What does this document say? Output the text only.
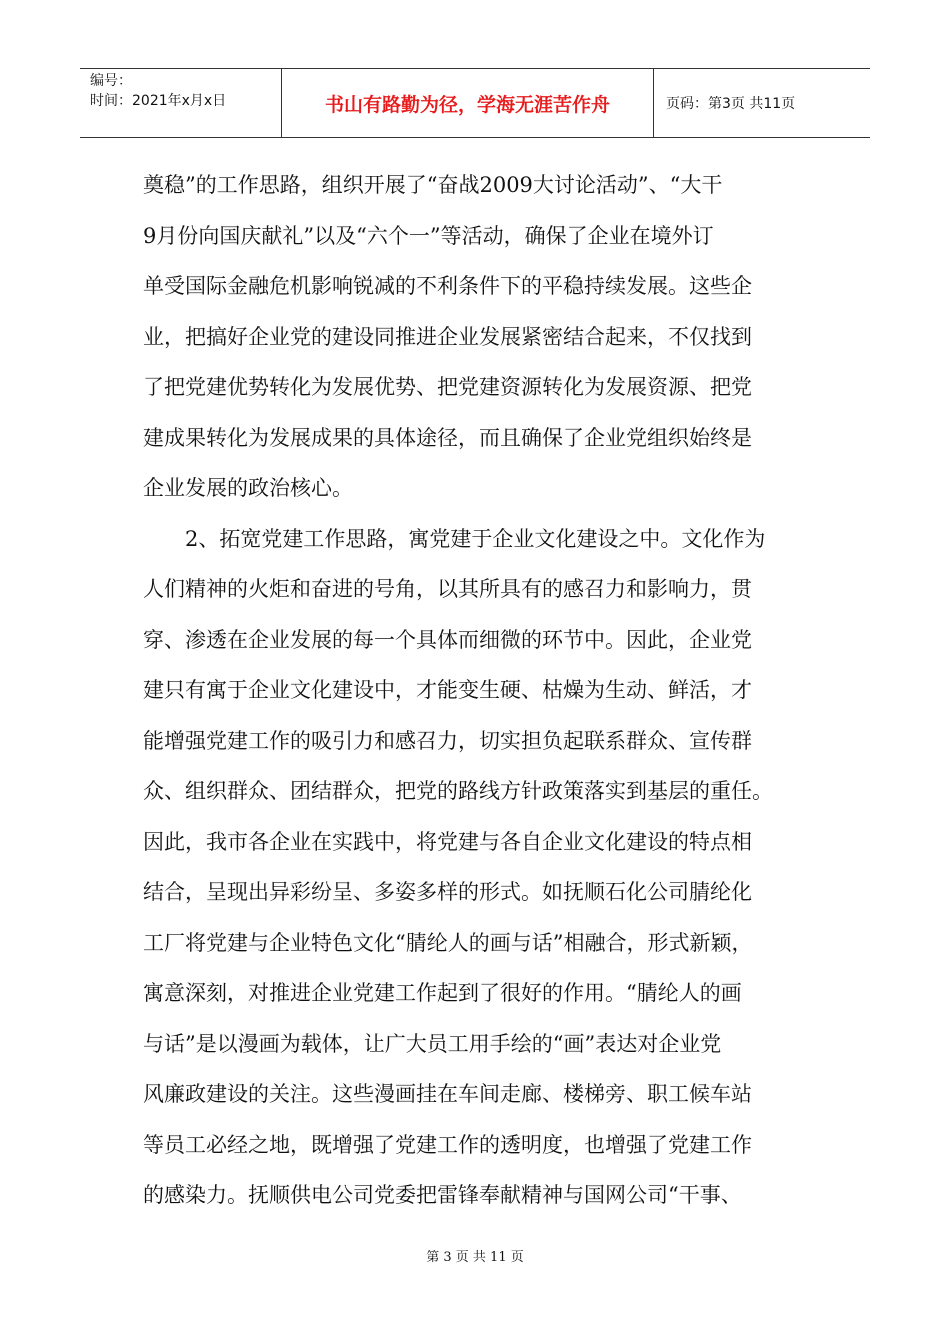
编号：
时间：2021年x月x日	书山有路勤为径，学海无涯苦作舟	页码：第3页 共11页
奠稳”的工作思路，组织开展了“奋战2009大讨论活动”、“大干
9月份向国庆献礼”以及“六个一”等活动，确保了企业在境外订
单受国际金融危机影响锐减的不利条件下的平稳持续发展。这些企
业，把搞好企业党的建设同推进企业发展紧密结合起来，不仅找到
了把党建优势转化为发展优势、把党建资源转化为发展资源、把党
建成果转化为发展成果的具体途径，而且确保了企业党组织始终是
企业发展的政治核心。
　　2、拓宽党建工作思路，寓党建于企业文化建设之中。文化作为
人们精神的火炬和奋进的号角，以其所具有的感召力和影响力，贯
穿、渗透在企业发展的每一个具体而细微的环节中。因此，企业党
建只有寓于企业文化建设中，才能变生硬、枯燥为生动、鲜活，才
能增强党建工作的吸引力和感召力，切实担负起联系群众、宣传群
众、组织群众、团结群众，把党的路线方针政策落实到基层的重任。
因此，我市各企业在实践中，将党建与各自企业文化建设的特点相
结合，呈现出异彩纷呈、多姿多样的形式。如抚顺石化公司腈纶化
工厂将党建与企业特色文化“腈纶人的画与话”相融合，形式新颖，
寓意深刻，对推进企业党建工作起到了很好的作用。“腈纶人的画
与话”是以漫画为载体，让广大员工用手绘的“画”表达对企业党
风廉政建设的关注。这些漫画挂在车间走廊、楼梯旁、职工候车站
等员工必经之地，既增强了党建工作的透明度，也增强了党建工作
的感染力。抚顺供电公司党委把雷锋奉献精神与国网公司“干事、
第 3 页 共 11 页
